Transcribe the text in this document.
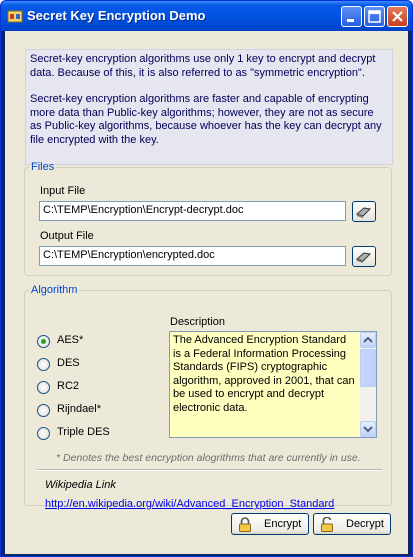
Secret Key Encryption Demo

Secret-key encryption algorithms use only 1 key to encrypt and decrypt data. Because of this, it is also referred to as "symmetric encryption".

Secret-key encryption algorithms are faster and capable of encrypting more data than Public-key algorithms; however, they are not as secure as Public-key algorithms, because whoever has the key can decrypt any file encrypted with the key.

Files
Input File
C:\TEMP\Encryption\Encrypt-decrypt.doc
Output File
C:\TEMP\Encryption\encrypted.doc
Algorithm
AES*
DES
RC2
Rijndael*
Triple DES
Description
The Advanced Encryption Standard is a Federal Information Processing Standards (FIPS) cryptographic algorithm, approved in 2001, that can be used to encrypt and decrypt electronic data.
* Denotes the best encryption alogrithms that are currently in use.
Wikipedia Link
http://en.wikipedia.org/wiki/Advanced_Encryption_Standard
Encrypt	Decrypt
